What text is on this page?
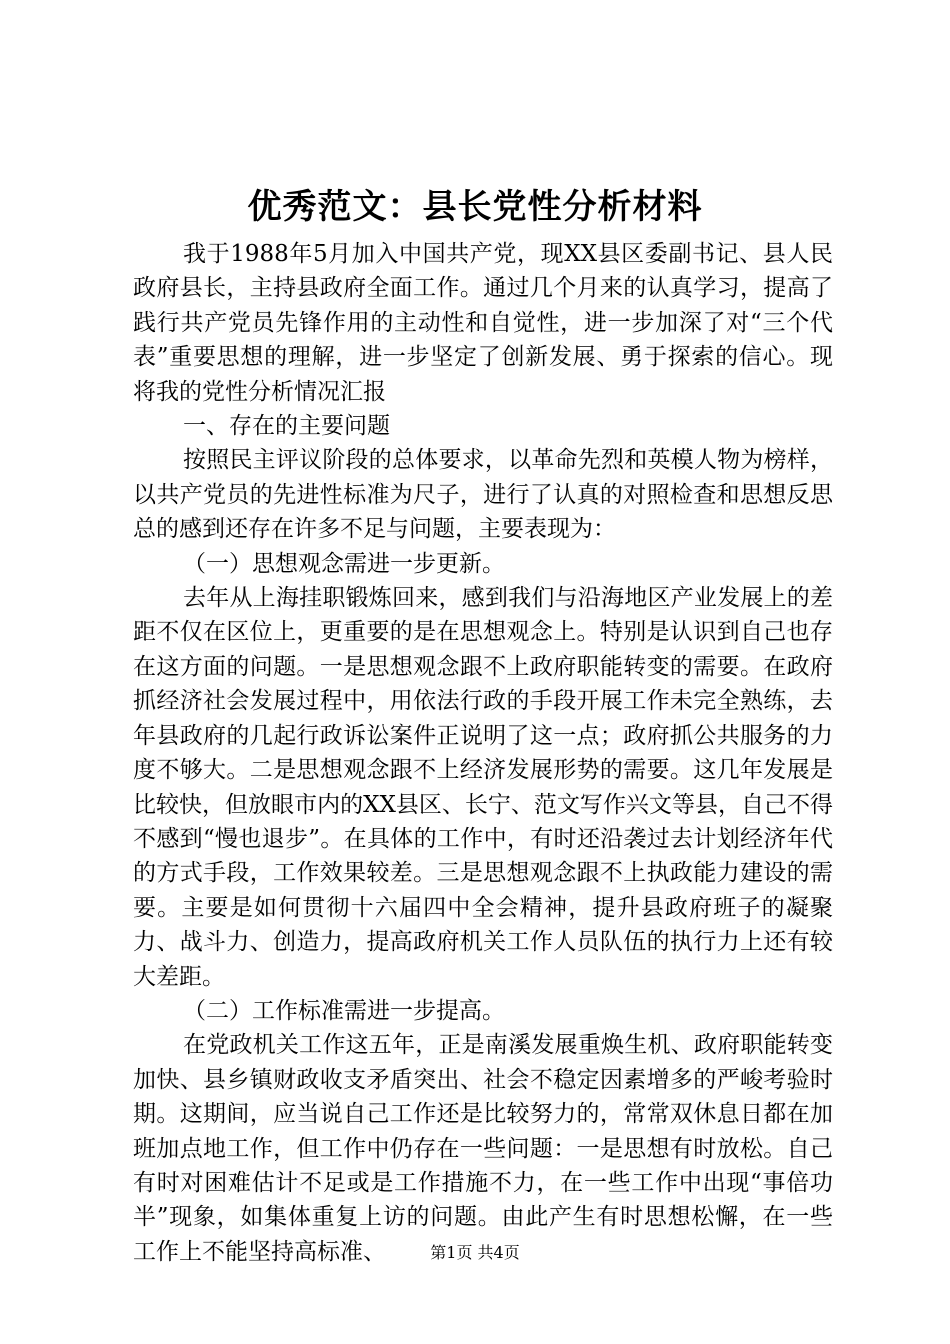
优秀范文：县长党性分析材料

我于1988年5月加入中国共产党，现XX县区委副书记、县人民政府县长，主持县政府全面工作。通过几个月来的认真学习，提高了践行共产党员先锋作用的主动性和自觉性，进一步加深了对“三个代表”重要思想的理解，进一步坚定了创新发展、勇于探索的信心。现将我的党性分析情况汇报

一、存在的主要问题

按照民主评议阶段的总体要求，以革命先烈和英模人物为榜样，以共产党员的先进性标准为尺子，进行了认真的对照检查和思想反思总的感到还存在许多不足与问题，主要表现为：

（一）思想观念需进一步更新。

去年从上海挂职锻炼回来，感到我们与沿海地区产业发展上的差距不仅在区位上，更重要的是在思想观念上。特别是认识到自己也存在这方面的问题。一是思想观念跟不上政府职能转变的需要。在政府抓经济社会发展过程中，用依法行政的手段开展工作未完全熟练，去年县政府的几起行政诉讼案件正说明了这一点；政府抓公共服务的力度不够大。二是思想观念跟不上经济发展形势的需要。这几年发展是比较快，但放眼市内的XX县区、长宁、范文写作兴文等县，自己不得不感到“慢也退步”。在具体的工作中，有时还沿袭过去计划经济年代的方式手段，工作效果较差。三是思想观念跟不上执政能力建设的需要。主要是如何贯彻十六届四中全会精神，提升县政府班子的凝聚力、战斗力、创造力，提高政府机关工作人员队伍的执行力上还有较大差距。

（二）工作标准需进一步提高。

在党政机关工作这五年，正是南溪发展重焕生机、政府职能转变加快、县乡镇财政收支矛盾突出、社会不稳定因素增多的严峻考验时期。这期间，应当说自己工作还是比较努力的，常常双休息日都在加班加点地工作，但工作中仍存在一些问题：一是思想有时放松。自己有时对困难估计不足或是工作措施不力，在一些工作中出现“事倍功半”现象，如集体重复上访的问题。由此产生有时思想松懈，在一些工作上不能坚持高标准、	第1页 共4页
